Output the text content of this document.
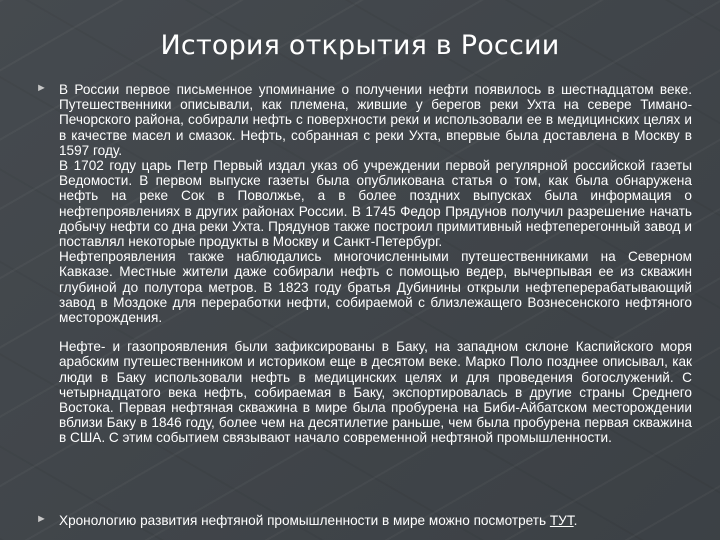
История открытия в России
► В России первое письменное упоминание о получении нефти появилось в шестнадцатом веке. Путешественники описывали, как племена, жившие у берегов реки Ухта на севере Тимано-Печорского района, собирали нефть с поверхности реки и использовали ее в медицинских целях и в качестве масел и смазок. Нефть, собранная с реки Ухта, впервые была доставлена в Москву в 1597 году.

В 1702 году царь Петр Первый издал указ об учреждении первой регулярной российской газеты Ведомости. В первом выпуске газеты была опубликована статья о том, как была обнаружена нефть на реке Сок в Поволжье, а в более поздних выпусках была информация о нефтепроявлениях в других районах России. В 1745 Федор Прядунов получил разрешение начать добычу нефти со дна реки Ухта. Прядунов также построил примитивный нефтеперегонный завод и поставлял некоторые продукты в Москву и Санкт-Петербург.

Нефтепроявления также наблюдались многочисленными путешественниками на Северном Кавказе. Местные жители даже собирали нефть с помощью ведер, вычерпывая ее из скважин глубиной до полутора метров. В 1823 году братья Дубинины открыли нефтеперерабатывающий завод в Моздоке для переработки нефти, собираемой с близлежащего Вознесенского нефтяного месторождения.

Нефте- и газопроявления были зафиксированы в Баку, на западном склоне Каспийского моря арабским путешественником и историком еще в десятом веке. Марко Поло позднее описывал, как люди в Баку использовали нефть в медицинских целях и для проведения богослужений. С четырнадцатого века нефть, собираемая в Баку, экспортировалась в другие страны Среднего Востока. Первая нефтяная скважина в мире была пробурена на Биби-Айбатском месторождении вблизи Баку в 1846 году, более чем на десятилетие раньше, чем была пробурена первая скважина в США. С этим событием связывают начало современной нефтяной промышленности.

► Хронологию развития нефтяной промышленности в мире можно посмотреть ТУТ.
